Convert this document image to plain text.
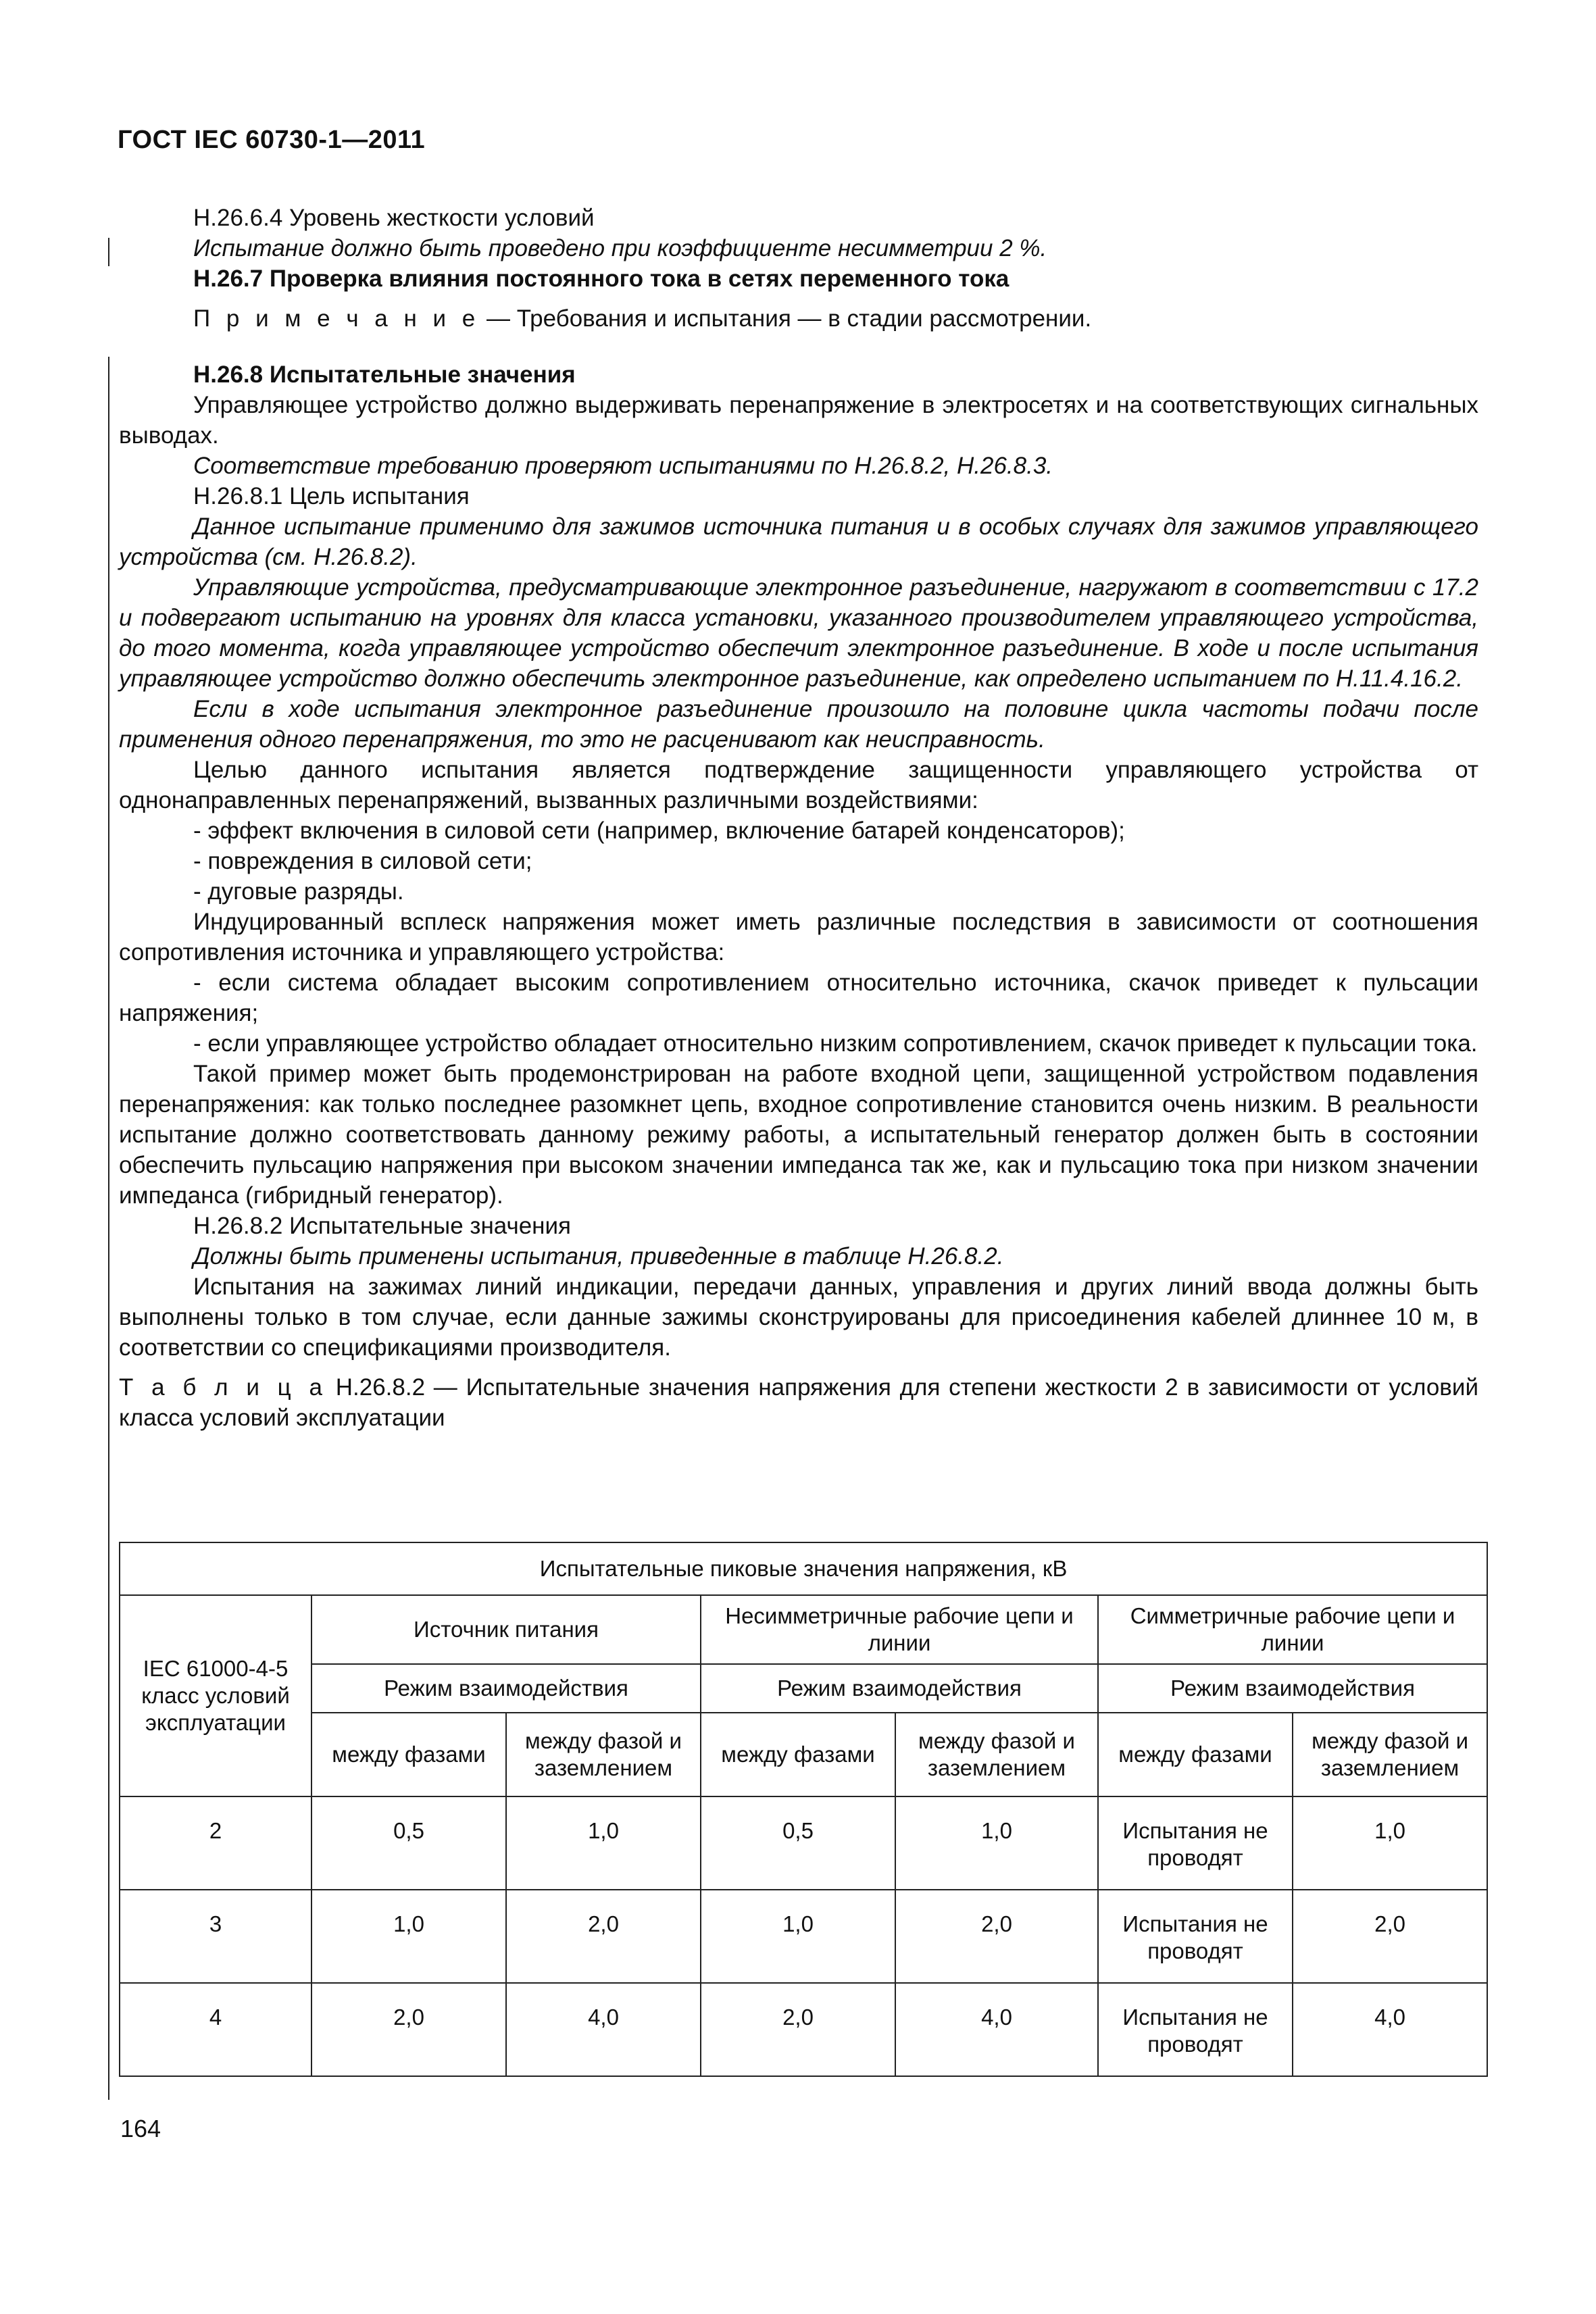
ГОСТ IEC 60730-1—2011

Н.26.6.4 Уровень жесткости условий

Испытание должно быть проведено при коэффициенте несимметрии 2 %.

Н.26.7 Проверка влияния постоянного тока в сетях переменного тока

П р и м е ч а н и е — Требования и испытания — в стадии рассмотрении.

Н.26.8 Испытательные значения

Управляющее устройство должно выдерживать перенапряжение в электросетях и на соответствующих сигнальных выводах.

Соответствие требованию проверяют испытаниями по Н.26.8.2, Н.26.8.3.

Н.26.8.1 Цель испытания

Данное испытание применимо для зажимов источника питания и в особых случаях для зажимов управляющего устройства (см. Н.26.8.2).

Управляющие устройства, предусматривающие электронное разъединение, нагружают в соответствии с 17.2 и подвергают испытанию на уровнях для класса установки, указанного производителем управляющего устройства, до того момента, когда управляющее устройство обеспечит электронное разъединение. В ходе и после испытания управляющее устройство должно обеспечить электронное разъединение, как определено испытанием по Н.11.4.16.2.

Если в ходе испытания электронное разъединение произошло на половине цикла частоты подачи после применения одного перенапряжения, то это не расценивают как неисправность.

Целью данного испытания является подтверждение защищенности управляющего устройства от однонаправленных перенапряжений, вызванных различными воздействиями:

- эффект включения в силовой сети (например, включение батарей конденсаторов);

- повреждения в силовой сети;

- дуговые разряды.

Индуцированный всплеск напряжения может иметь различные последствия в зависимости от соотношения сопротивления источника и управляющего устройства:

- если система обладает высоким сопротивлением относительно источника, скачок приведет к пульсации напряжения;

- если управляющее устройство обладает относительно низким сопротивлением, скачок приведет к пульсации тока.

Такой пример может быть продемонстрирован на работе входной цепи, защищенной устройством подавления перенапряжения: как только последнее разомкнет цепь, входное сопротивление становится очень низким. В реальности испытание должно соответствовать данному режиму работы, а испытательный генератор должен быть в состоянии обеспечить пульсацию напряжения при высоком значении импеданса так же, как и пульсацию тока при низком значении импеданса (гибридный генератор).

Н.26.8.2 Испытательные значения

Должны быть применены испытания, приведенные в таблице Н.26.8.2.

Испытания на зажимах линий индикации, передачи данных, управления и других линий ввода должны быть выполнены только в том случае, если данные зажимы сконструированы для присоединения кабелей длиннее 10 м, в соответствии со спецификациями производителя.

Т а б л и ц а Н.26.8.2 — Испытательные значения напряжения для степени жесткости 2 в зависимости от условий класса условий эксплуатации

Испытательные пиковые значения напряжения, кВ						
IEC 61000-4-5 класс условий эксплуатации	Источник питания		Несимметричные рабочие цепи и линии		Симметричные рабочие цепи и линии	
	Режим взаимодействия		Режим взаимодействия		Режим взаимодействия	
	между фазами	между фазой и заземлением	между фазами	между фазой и заземлением	между фазами	между фазой и заземлением
2	0,5	1,0	0,5	1,0	Испытания не проводят	1,0
3	1,0	2,0	1,0	2,0	Испытания не проводят	2,0
4	2,0	4,0	2,0	4,0	Испытания не проводят	4,0
164
